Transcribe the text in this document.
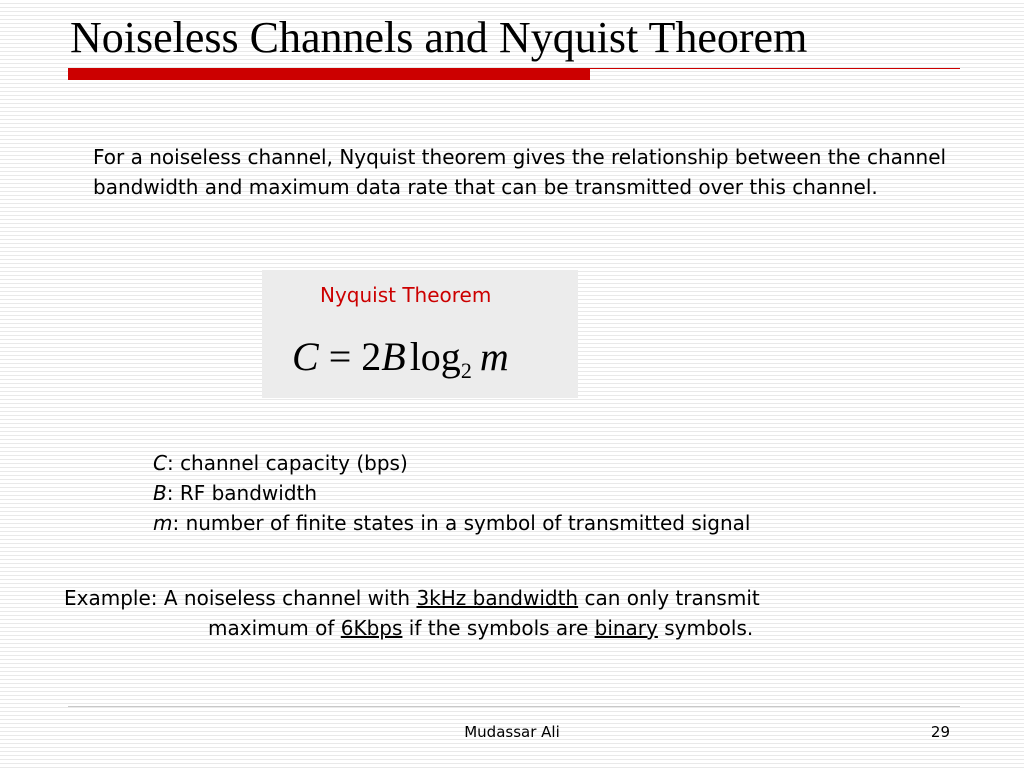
Noiseless Channels and Nyquist Theorem
For a noiseless channel, Nyquist theorem gives the relationship between the channel bandwidth and maximum data rate that can be transmitted over this channel.
Nyquist Theorem
C = 2B $\log_2 m$
C: channel capacity (bps)
B: RF bandwidth
m: number of finite states in a symbol of transmitted signal
Example: A noiseless channel with 3kHz bandwidth can only transmit
maximum of 6Kbps if the symbols are binary symbols.
Mudassar Ali	29
